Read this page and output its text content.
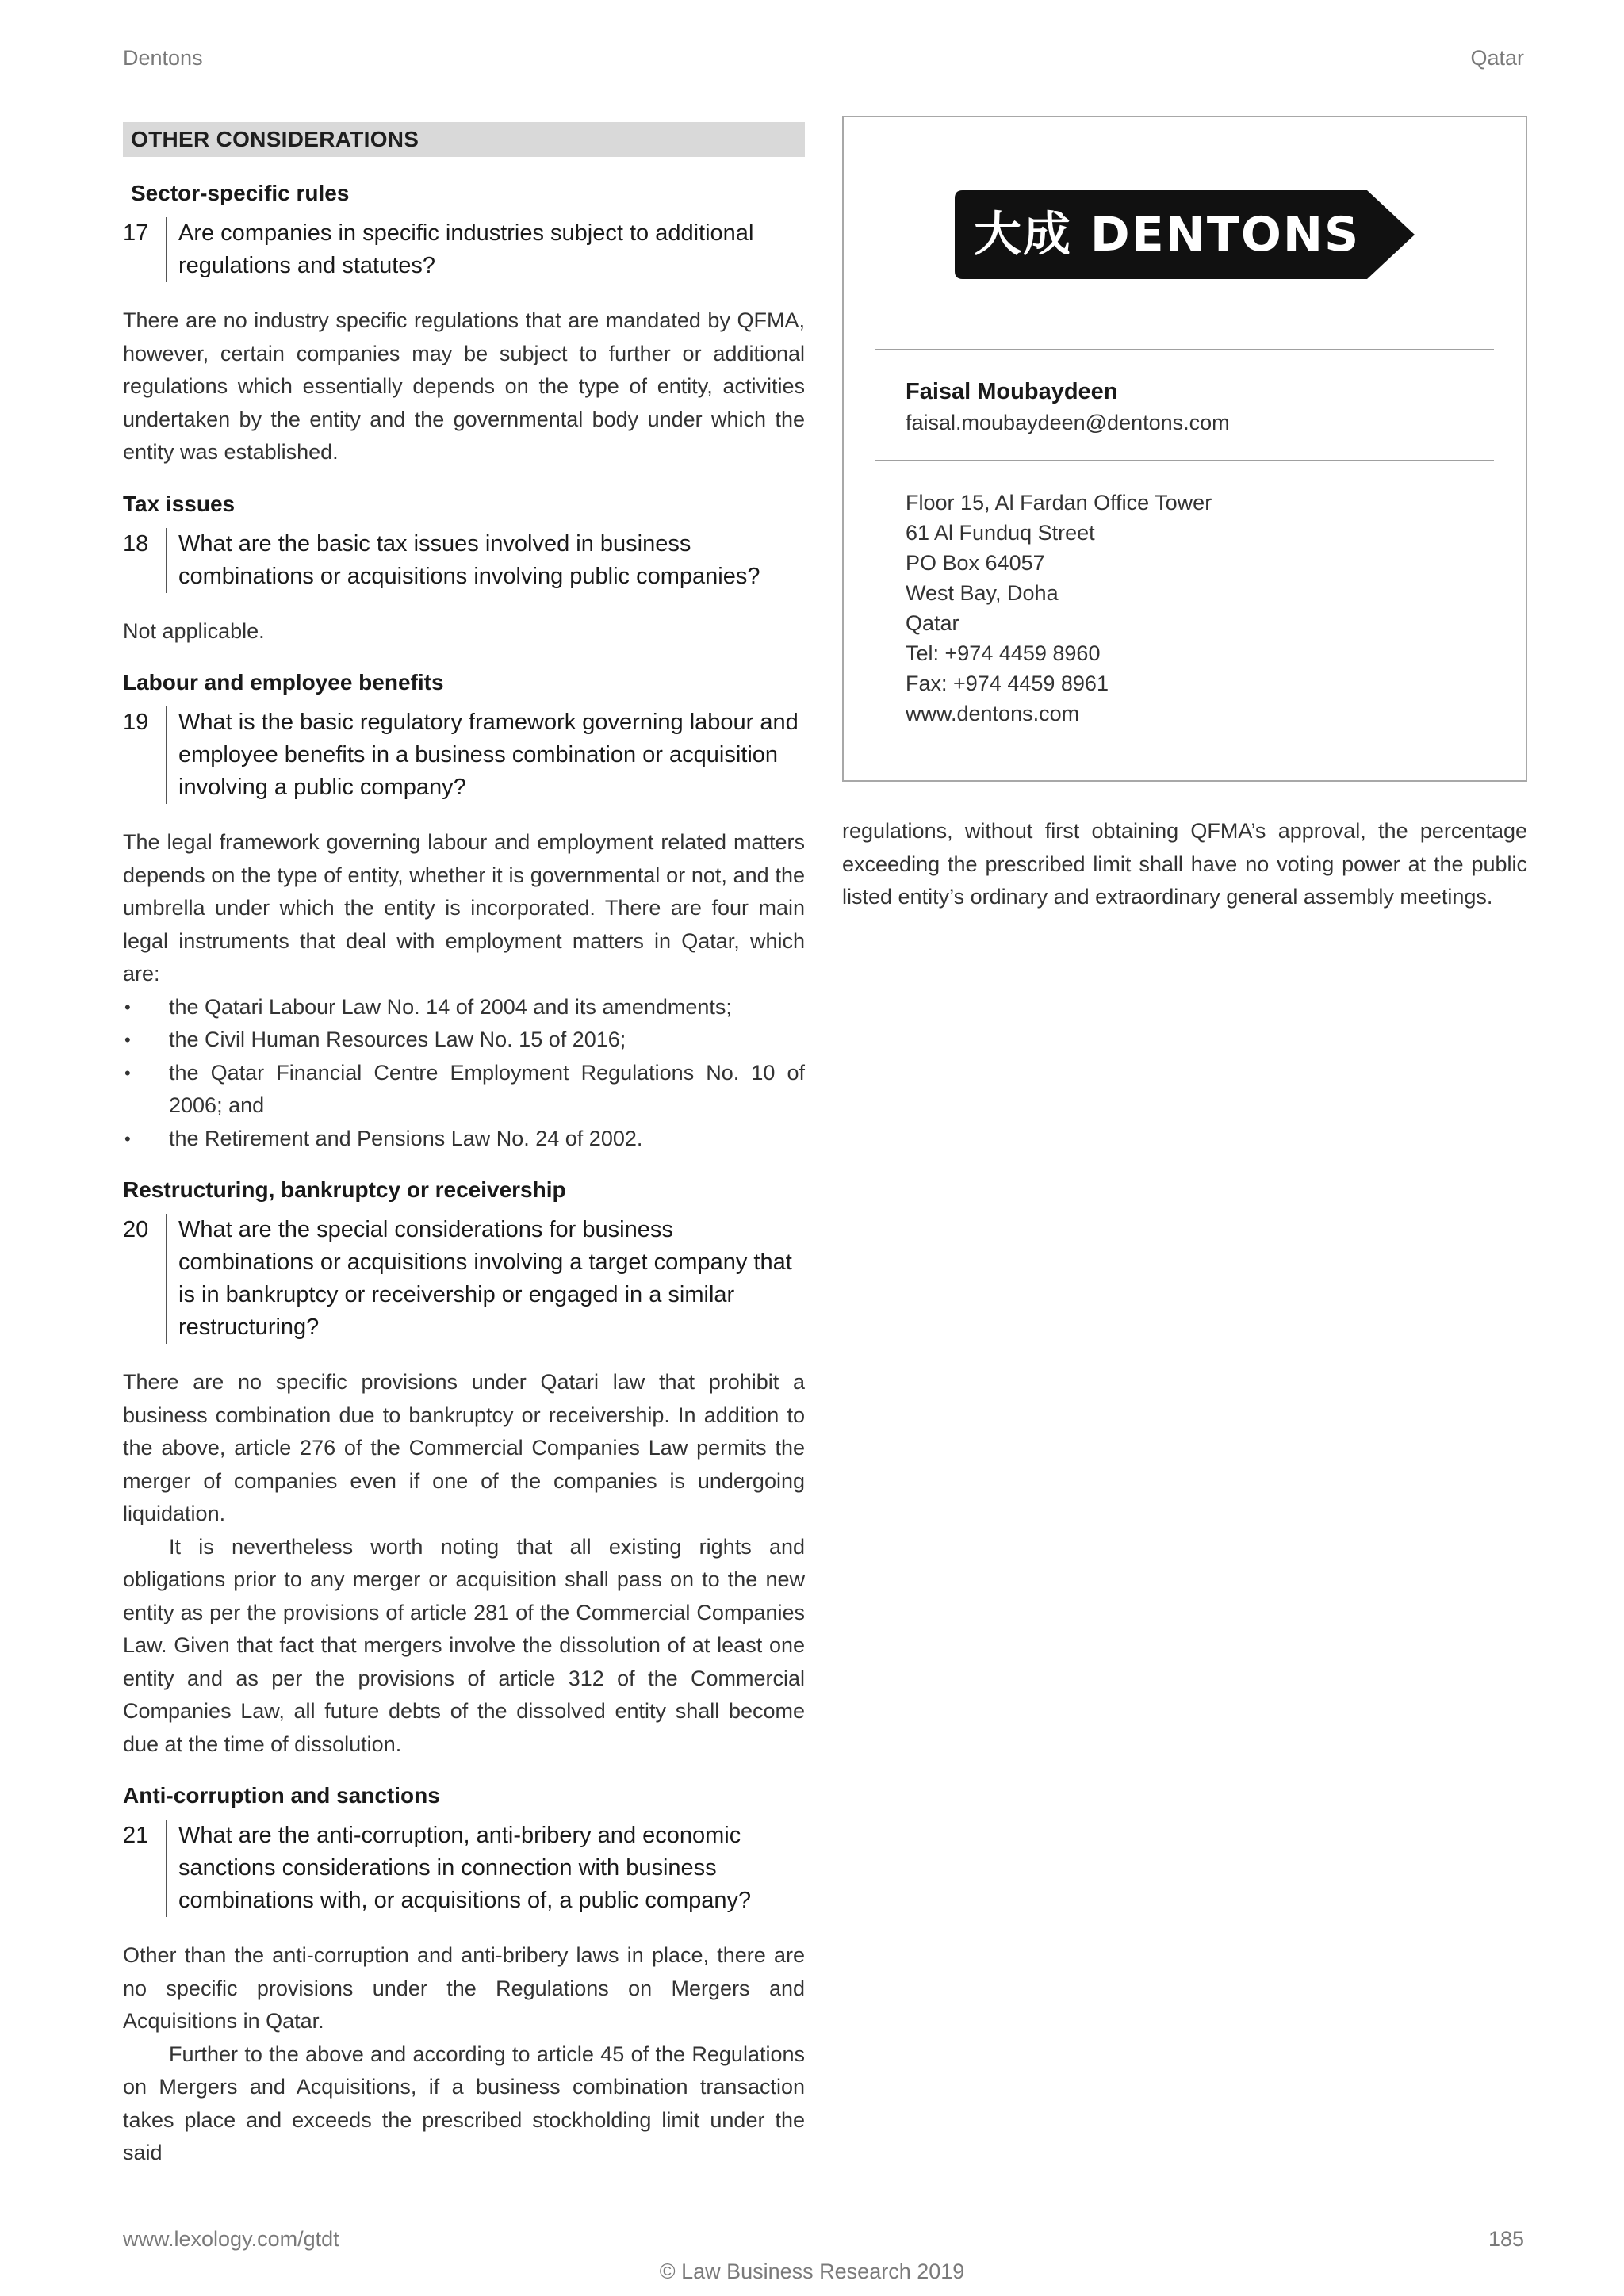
Dentons	Qatar
OTHER CONSIDERATIONS
Sector-specific rules
17	Are companies in specific industries subject to additional regulations and statutes?

There are no industry specific regulations that are mandated by QFMA, however, certain companies may be subject to further or additional regulations which essentially depends on the type of entity, activities undertaken by the entity and the governmental body under which the entity was established.

Tax issues
18	What are the basic tax issues involved in business combinations or acquisitions involving public companies?

Not applicable.

Labour and employee benefits
19	What is the basic regulatory framework governing labour and employee benefits in a business combination or acquisition involving a public company?

The legal framework governing labour and employment related matters depends on the type of entity, whether it is governmental or not, and the umbrella under which the entity is incorporated. There are four main legal instruments that deal with employment matters in Qatar, which are:

• the Qatari Labour Law No. 14 of 2004 and its amendments;
• the Civil Human Resources Law No. 15 of 2016;
• the Qatar Financial Centre Employment Regulations No. 10 of 2006; and
• the Retirement and Pensions Law No. 24 of 2002.
Restructuring, bankruptcy or receivership
20	What are the special considerations for business combinations or acquisitions involving a target company that is in bankruptcy or receivership or engaged in a similar restructuring?

There are no specific provisions under Qatari law that prohibit a business combination due to bankruptcy or receivership. In addition to the above, article 276 of the Commercial Companies Law permits the merger of companies even if one of the companies is undergoing liquidation.

It is nevertheless worth noting that all existing rights and obligations prior to any merger or acquisition shall pass on to the new entity as per the provisions of article 281 of the Commercial Companies Law. Given that fact that mergers involve the dissolution of at least one entity and as per the provisions of article 312 of the Commercial Companies Law, all future debts of the dissolved entity shall become due at the time of dissolution.

Anti-corruption and sanctions
21	What are the anti-corruption, anti-bribery and economic sanctions considerations in connection with business combinations with, or acquisitions of, a public company?

Other than the anti-corruption and anti-bribery laws in place, there are no specific provisions under the Regulations on Mergers and Acquisitions in Qatar.

Further to the above and according to article 45 of the Regulations on Mergers and Acquisitions, if a business combination transaction takes place and exceeds the prescribed stockholding limit under the said

大成 DENTONS
Faisal Moubaydeen
faisal.moubaydeen@dentons.com
Floor 15, Al Fardan Office Tower
61 Al Funduq Street
PO Box 64057
West Bay, Doha
Qatar
Tel: +974 4459 8960
Fax: +974 4459 8961
www.dentons.com

regulations, without first obtaining QFMA’s approval, the percentage exceeding the prescribed limit shall have no voting power at the public listed entity’s ordinary and extraordinary general assembly meetings.

www.lexology.com/gtdt	185
© Law Business Research 2019
